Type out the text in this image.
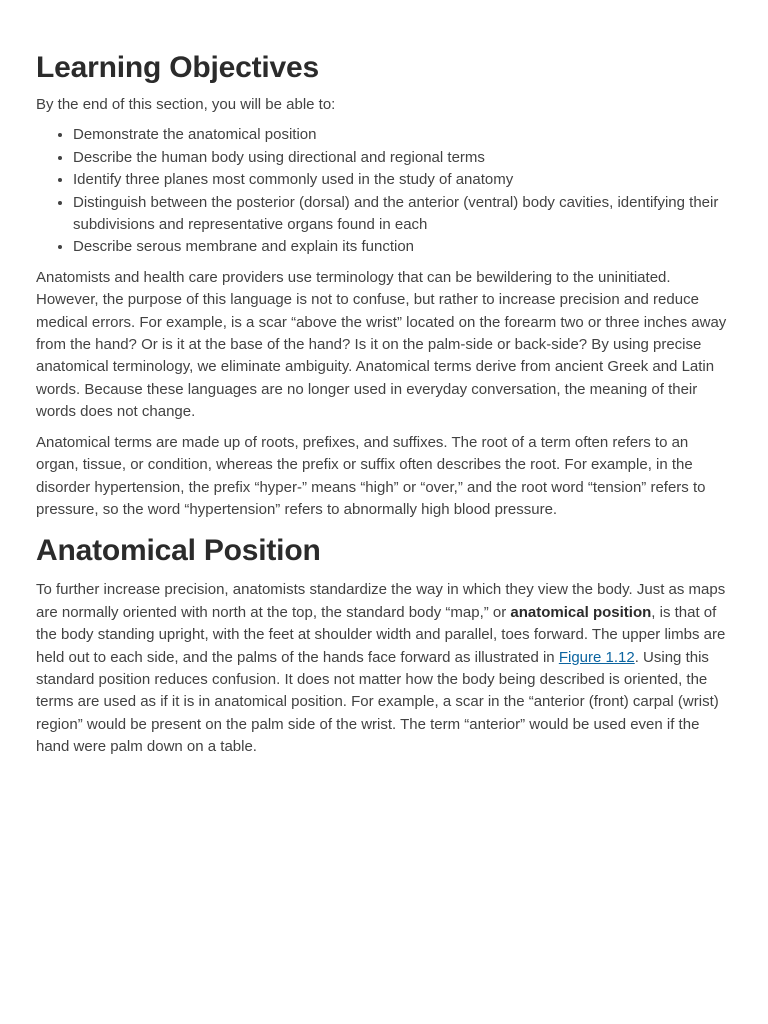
Learning Objectives

By the end of this section, you will be able to:

• Demonstrate the anatomical position
• Describe the human body using directional and regional terms
• Identify three planes most commonly used in the study of anatomy
• Distinguish between the posterior (dorsal) and the anterior (ventral) body cavities, identifying their subdivisions and representative organs found in each
• Describe serous membrane and explain its function

Anatomists and health care providers use terminology that can be bewildering to the uninitiated. However, the purpose of this language is not to confuse, but rather to increase precision and reduce medical errors. For example, is a scar “above the wrist” located on the forearm two or three inches away from the hand? Or is it at the base of the hand? Is it on the palm-side or back-side? By using precise anatomical terminology, we eliminate ambiguity. Anatomical terms derive from ancient Greek and Latin words. Because these languages are no longer used in everyday conversation, the meaning of their words does not change.

Anatomical terms are made up of roots, prefixes, and suffixes. The root of a term often refers to an organ, tissue, or condition, whereas the prefix or suffix often describes the root. For example, in the disorder hypertension, the prefix “hyper-” means “high” or “over,” and the root word “tension” refers to pressure, so the word “hypertension” refers to abnormally high blood pressure.

Anatomical Position

To further increase precision, anatomists standardize the way in which they view the body. Just as maps are normally oriented with north at the top, the standard body “map,” or anatomical position, is that of the body standing upright, with the feet at shoulder width and parallel, toes forward. The upper limbs are held out to each side, and the palms of the hands face forward as illustrated in Figure 1.12. Using this standard position reduces confusion. It does not matter how the body being described is oriented, the terms are used as if it is in anatomical position. For example, a scar in the “anterior (front) carpal (wrist) region” would be present on the palm side of the wrist. The term “anterior” would be used even if the hand were palm down on a table.
